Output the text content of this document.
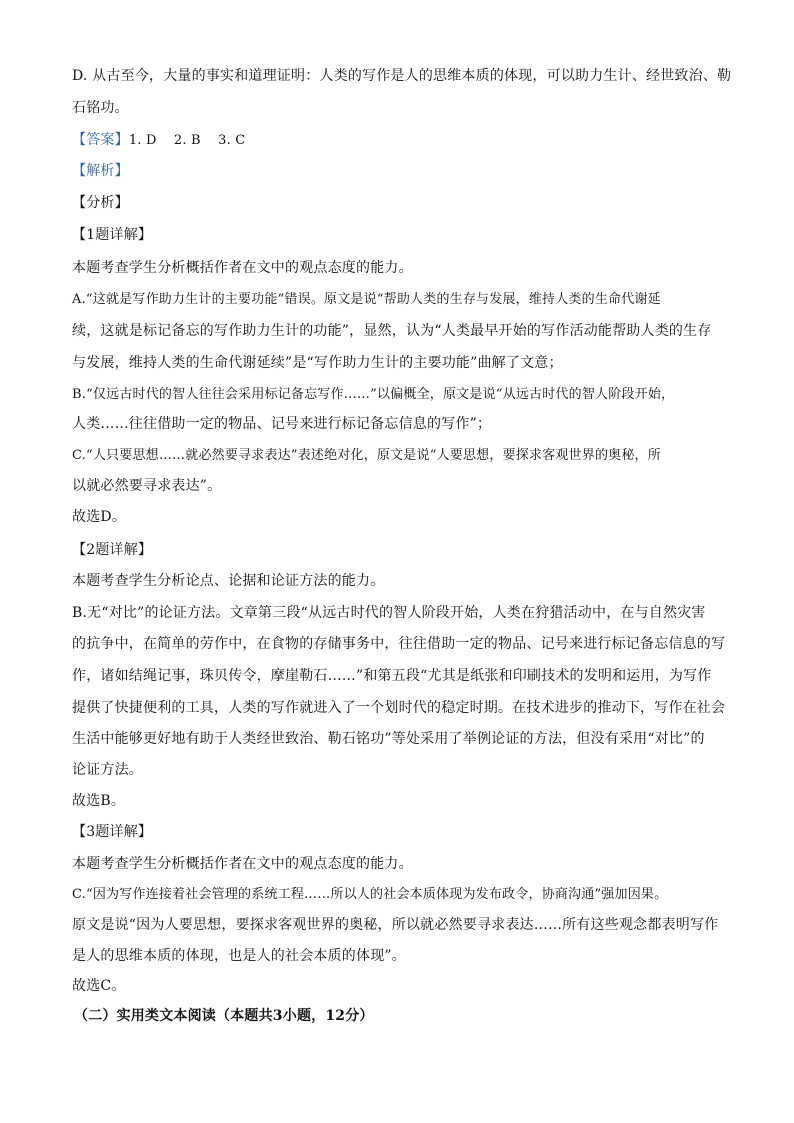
D. 从古至今，大量的事实和道理证明：人类的写作是人的思维本质的体现，可以助力生计、经世致治、勒
石铭功。
【答案】1. D    2. B    3. C
【解析】
【分析】
【1题详解】
本题考查学生分析概括作者在文中的观点态度的能力。
A.“这就是写作助力生计的主要功能”错误。原文是说“帮助人类的生存与发展，维持人类的生命代谢延
续，这就是标记备忘的写作助力生计的功能”，显然，认为“人类最早开始的写作活动能帮助人类的生存
与发展，维持人类的生命代谢延续”是“写作助力生计的主要功能”曲解了文意；
B.“仅远古时代的智人往往会采用标记备忘写作……”以偏概全，原文是说“从远古时代的智人阶段开始，
人类……往往借助一定的物品、记号来进行标记备忘信息的写作”；
C.“人只要思想……就必然要寻求表达”表述绝对化，原文是说“人要思想，要探求客观世界的奥秘，所
以就必然要寻求表达”。
故选D。
【2题详解】
本题考查学生分析论点、论据和论证方法的能力。
B.无“对比”的论证方法。文章第三段“从远古时代的智人阶段开始，人类在狩猎活动中，在与自然灾害
的抗争中，在简单的劳作中，在食物的存储事务中，往往借助一定的物品、记号来进行标记备忘信息的写
作，诸如结绳记事，珠贝传令，摩崖勒石……”和第五段“尤其是纸张和印刷技术的发明和运用，为写作
提供了快捷便利的工具，人类的写作就进入了一个划时代的稳定时期。在技术进步的推动下，写作在社会
生活中能够更好地有助于人类经世致治、勒石铭功”等处采用了举例论证的方法，但没有采用“对比”的
论证方法。
故选B。
【3题详解】
本题考查学生分析概括作者在文中的观点态度的能力。
C.“因为写作连接着社会管理的系统工程……所以人的社会本质体现为发布政令，协商沟通”强加因果。
原文是说“因为人要思想，要探求客观世界的奥秘，所以就必然要寻求表达……所有这些观念都表明写作
是人的思维本质的体现，也是人的社会本质的体现”。
故选C。
（二）实用类文本阅读（本题共3小题，12分）
